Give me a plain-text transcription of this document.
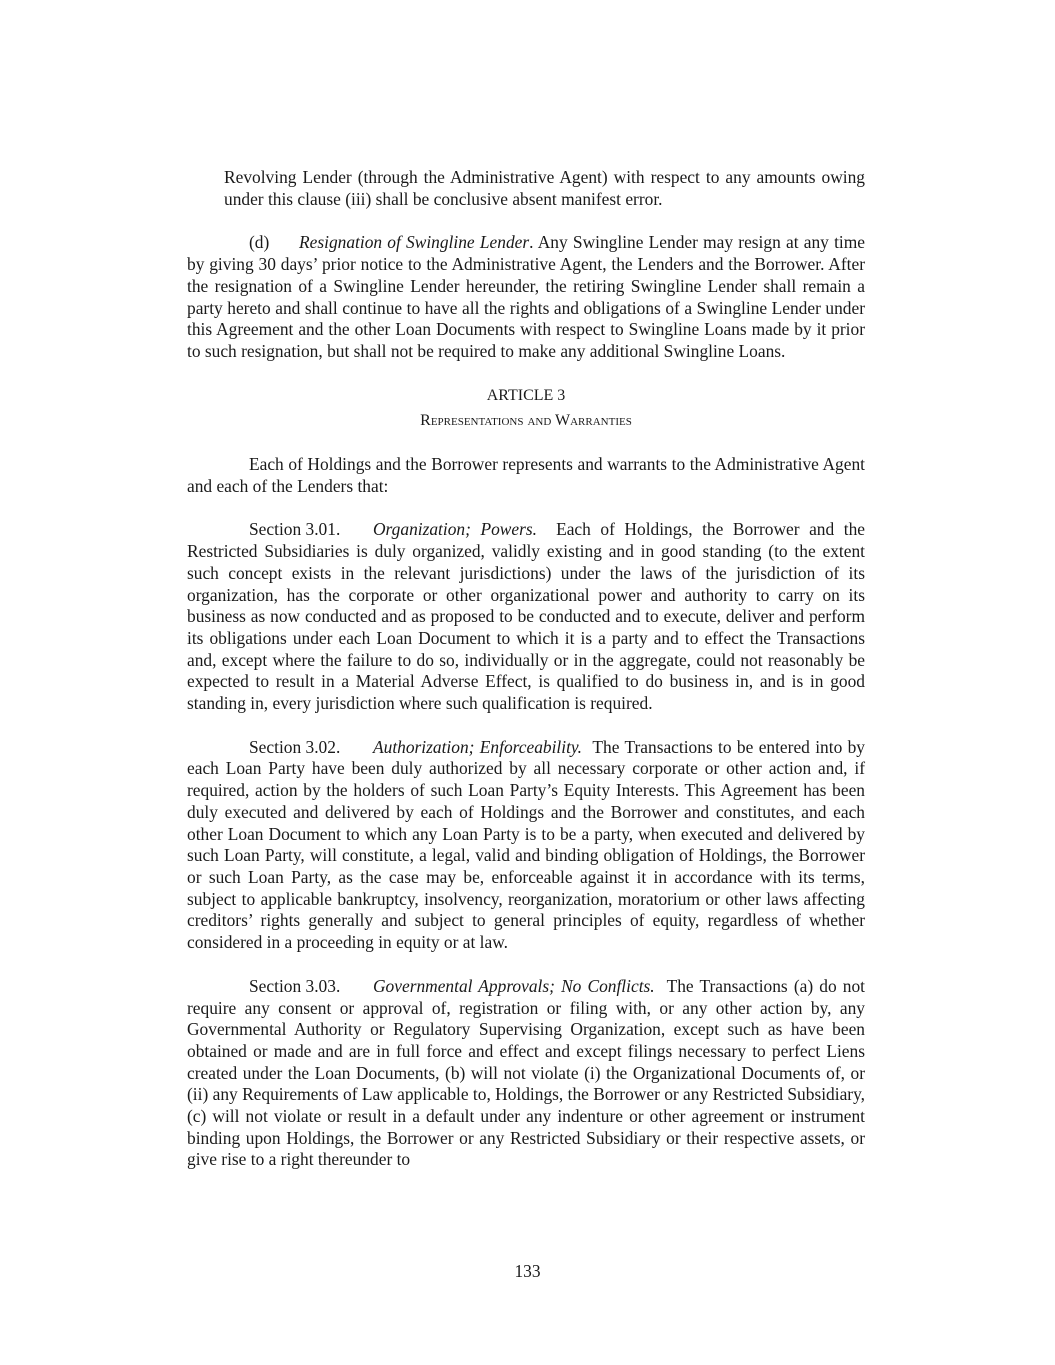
Revolving Lender (through the Administrative Agent) with respect to any amounts owing under this clause (iii) shall be conclusive absent manifest error.

(d) Resignation of Swingline Lender. Any Swingline Lender may resign at any time by giving 30 days’ prior notice to the Administrative Agent, the Lenders and the Borrower. After the resignation of a Swingline Lender hereunder, the retiring Swingline Lender shall remain a party hereto and shall continue to have all the rights and obligations of a Swingline Lender under this Agreement and the other Loan Documents with respect to Swingline Loans made by it prior to such resignation, but shall not be required to make any additional Swingline Loans.

ARTICLE 3
Representations and Warranties

Each of Holdings and the Borrower represents and warrants to the Administrative Agent and each of the Lenders that:

Section 3.01. Organization; Powers. Each of Holdings, the Borrower and the Restricted Subsidiaries is duly organized, validly existing and in good standing (to the extent such concept exists in the relevant jurisdictions) under the laws of the jurisdiction of its organization, has the corporate or other organizational power and authority to carry on its business as now conducted and as proposed to be conducted and to execute, deliver and perform its obligations under each Loan Document to which it is a party and to effect the Transactions and, except where the failure to do so, individually or in the aggregate, could not reasonably be expected to result in a Material Adverse Effect, is qualified to do business in, and is in good standing in, every jurisdiction where such qualification is required.

Section 3.02. Authorization; Enforceability. The Transactions to be entered into by each Loan Party have been duly authorized by all necessary corporate or other action and, if required, action by the holders of such Loan Party’s Equity Interests. This Agreement has been duly executed and delivered by each of Holdings and the Borrower and constitutes, and each other Loan Document to which any Loan Party is to be a party, when executed and delivered by such Loan Party, will constitute, a legal, valid and binding obligation of Holdings, the Borrower or such Loan Party, as the case may be, enforceable against it in accordance with its terms, subject to applicable bankruptcy, insolvency, reorganization, moratorium or other laws affecting creditors’ rights generally and subject to general principles of equity, regardless of whether considered in a proceeding in equity or at law.

Section 3.03. Governmental Approvals; No Conflicts. The Transactions (a) do not require any consent or approval of, registration or filing with, or any other action by, any Governmental Authority or Regulatory Supervising Organization, except such as have been obtained or made and are in full force and effect and except filings necessary to perfect Liens created under the Loan Documents, (b) will not violate (i) the Organizational Documents of, or (ii) any Requirements of Law applicable to, Holdings, the Borrower or any Restricted Subsidiary, (c) will not violate or result in a default under any indenture or other agreement or instrument binding upon Holdings, the Borrower or any Restricted Subsidiary or their respective assets, or give rise to a right thereunder to

133
